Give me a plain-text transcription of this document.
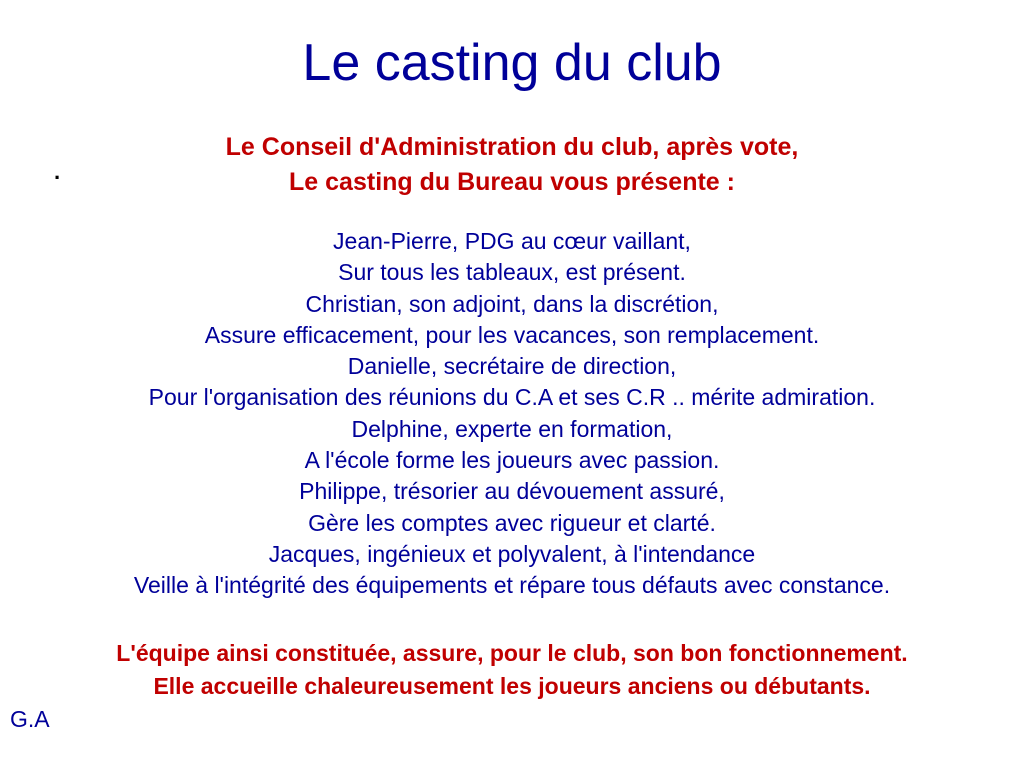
Le casting du club
Le Conseil d'Administration du club, après vote,
Le casting du Bureau vous présente :
·
Jean-Pierre, PDG au cœur vaillant,
Sur tous les tableaux, est présent.
Christian, son adjoint, dans la discrétion,
Assure efficacement, pour les vacances, son remplacement.
Danielle, secrétaire de direction,
Pour l'organisation des réunions du C.A et ses C.R .. mérite admiration.
Delphine, experte en formation,
A l'école forme les joueurs avec passion.
Philippe, trésorier au dévouement assuré,
Gère les comptes avec rigueur et clarté.
Jacques, ingénieux et polyvalent, à l'intendance
Veille à l'intégrité des équipements et répare tous défauts avec constance.
L'équipe ainsi constituée, assure, pour le club, son bon fonctionnement.
Elle accueille chaleureusement les joueurs anciens ou débutants.
G.A
